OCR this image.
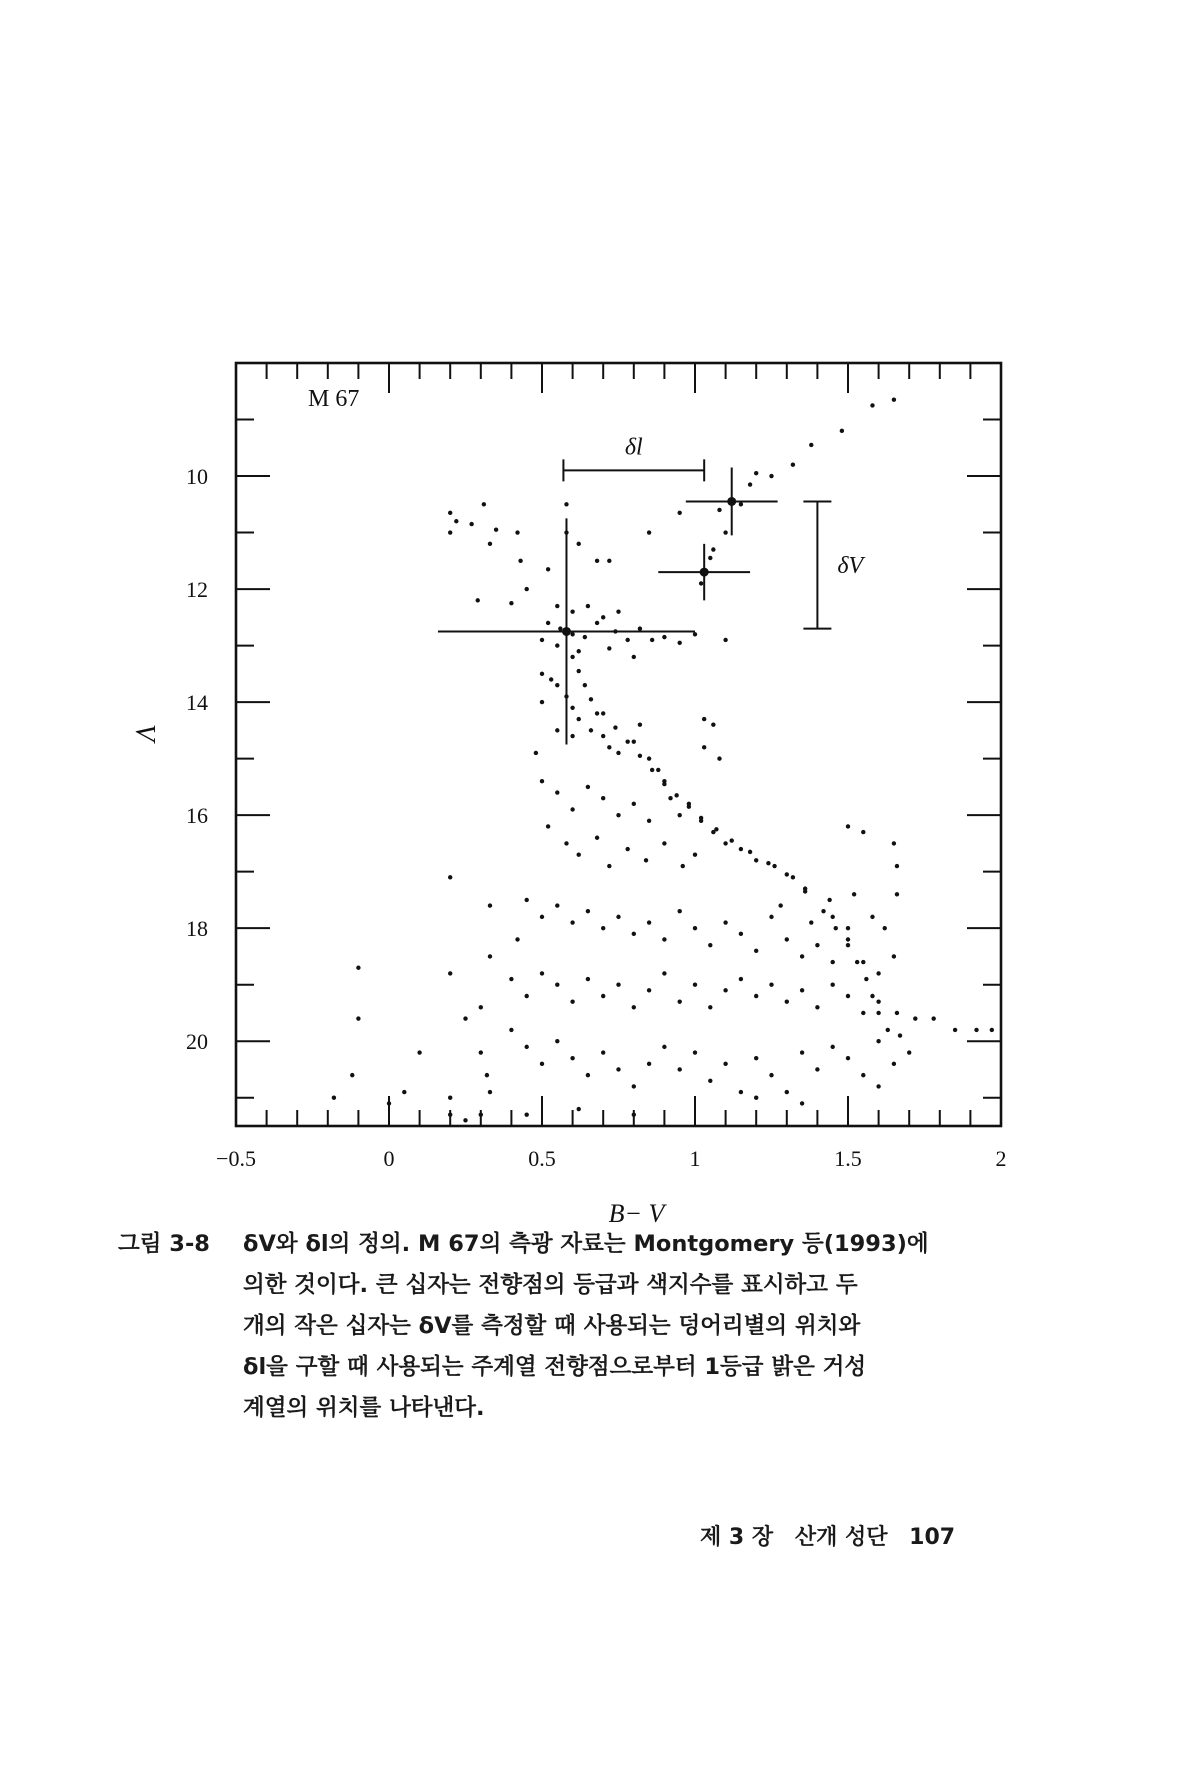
−0.5	0	0.5	1	1.5	2
10
12
14
16
18
20
B− V
V
M 67
δl
δV
그림 3-8	δV와 δl의 정의. M 67의 측광 자료는 Montgomery 등(1993)에
의한 것이다. 큰 십자는 전향점의 등급과 색지수를 표시하고 두
개의 작은 십자는 δV를 측정할 때 사용되는 덩어리별의 위치와
δl을 구할 때 사용되는 주계열 전향점으로부터 1등급 밝은 거성
계열의 위치를 나타낸다.
제 3 장 산개 성단 107
